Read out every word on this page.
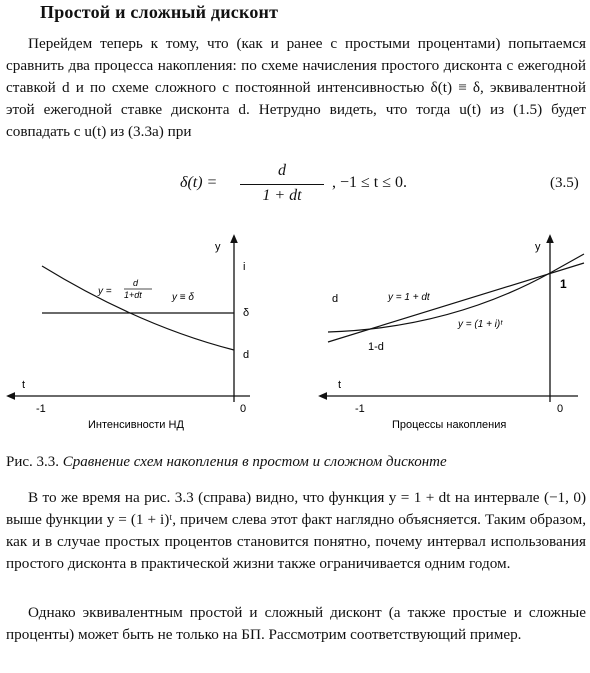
Простой и сложный дисконт

Перейдем теперь к тому, что (как и ранее с простыми процентами) попытаемся сравнить два процесса накопления: по схеме начисления простого дисконта с ежегодной ставкой d и по схеме сложного с постоянной интенсивностью δ(t) ≡ δ, эквивалентной этой ежегодной ставке дисконта d. Нетрудно видеть, что тогда u(t) из (1.5) будет совпадать с u(t) из (3.3а) при

δ(t) =
d
1 + dt
, −1 ≤ t ≤ 0.	(3.5)
y
t
-1	0
i
δ
d
y =
d
1+dt	y ≡ δ
Интенсивности НД
y
t
-1	0
d
1
1-d
y = 1 + dt
y = (1 + i)ᵗ
Процессы накопления
Рис. 3.3. Сравнение схем накопления в простом и сложном дисконте

В то же время на рис. 3.3 (справа) видно, что функция y = 1 + dt на интервале (−1, 0) выше функции y = (1 + i)ᵗ, причем слева этот факт наглядно объясняется. Таким образом, как и в случае простых процентов становится понятно, почему интервал использования простого дисконта в практической жизни также ограничивается одним годом.

Однако эквивалентным простой и сложный дисконт (а также простые и сложные проценты) может быть не только на БП. Рассмотрим соответствующий пример.
